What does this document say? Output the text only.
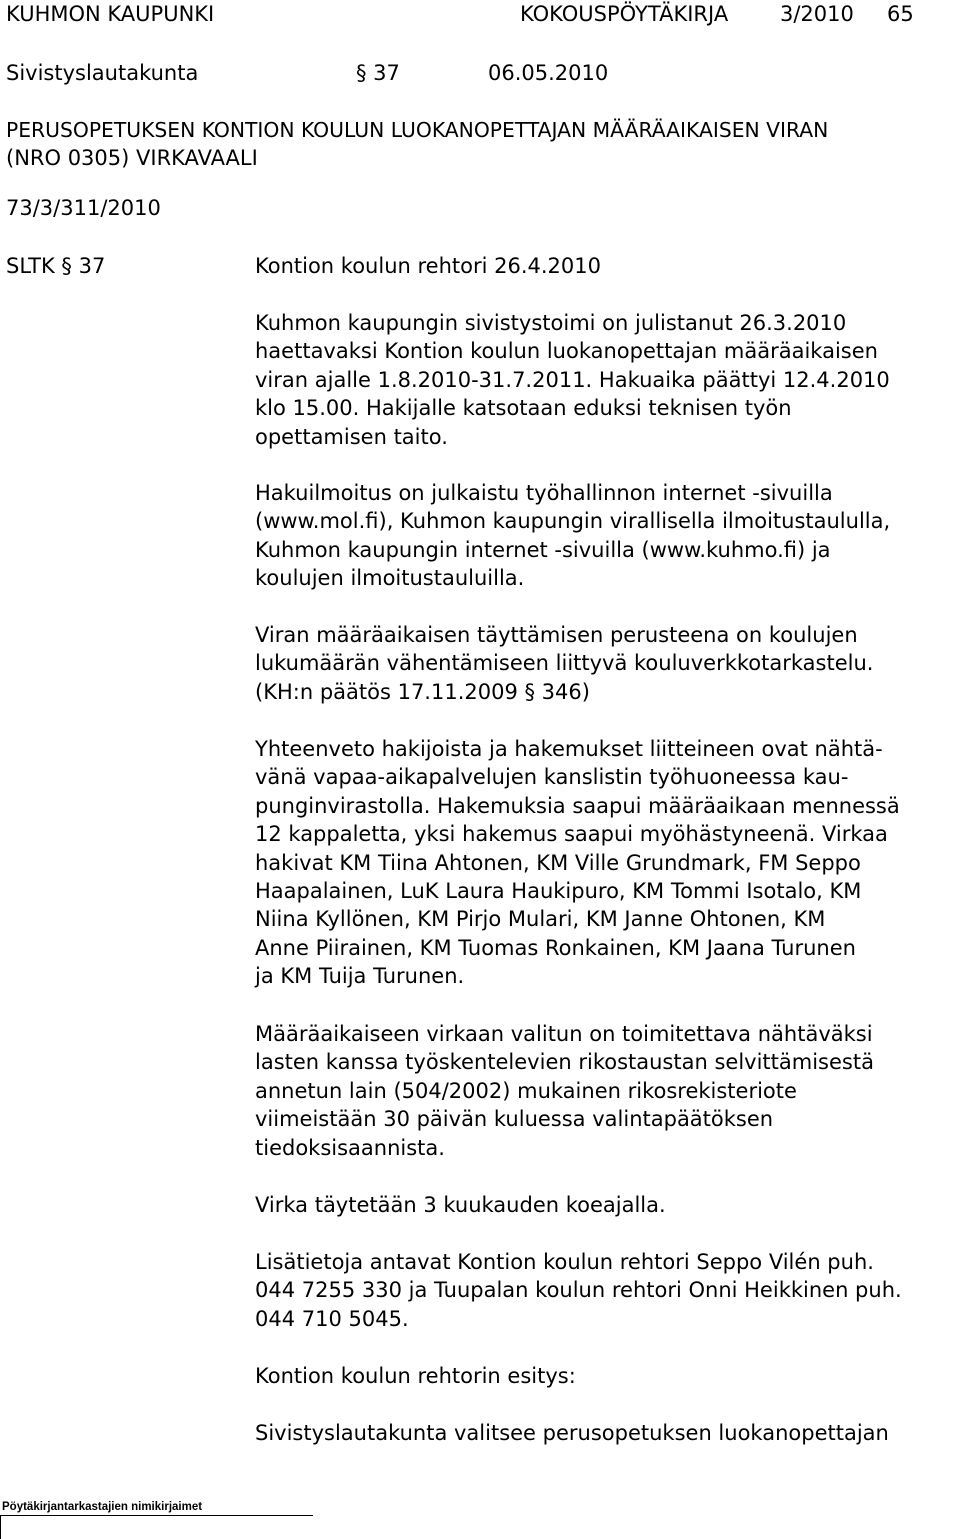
KUHMON KAUPUNKI	KOKOUSPÖYTÄKIRJA 3/2010 65
Sivistyslautakunta	§ 37	06.05.2010
PERUSOPETUKSEN KONTION KOULUN LUOKANOPETTAJAN MÄÄRÄAIKAISEN VIRAN
(NRO 0305) VIRKAVAALI
73/3/311/2010
SLTK § 37	Kontion koulun rehtori 26.4.2010
Kuhmon kaupungin sivistystoimi on julistanut 26.3.2010
haettavaksi Kontion koulun luokanopettajan määräaikaisen
viran ajalle 1.8.2010-31.7.2011. Hakuaika päättyi 12.4.2010
klo 15.00. Hakijalle katsotaan eduksi teknisen työn
opettamisen taito.
Hakuilmoitus on julkaistu työhallinnon internet -sivuilla
(www.mol.fi), Kuhmon kaupungin virallisella ilmoitustaululla,
Kuhmon kaupungin internet -sivuilla (www.kuhmo.fi) ja
koulujen ilmoitustauluilla.
Viran määräaikaisen täyttämisen perusteena on koulujen
lukumäärän vähentämiseen liittyvä kouluverkkotarkastelu.
(KH:n päätös 17.11.2009 § 346)
Yhteenveto hakijoista ja hakemukset liitteineen ovat nähtä-
vänä vapaa-aikapalvelujen kanslistin työhuoneessa kau-
punginvirastolla. Hakemuksia saapui määräaikaan mennessä
12 kappaletta, yksi hakemus saapui myöhästyneenä. Virkaa
hakivat KM Tiina Ahtonen, KM Ville Grundmark, FM Seppo
Haapalainen, LuK Laura Haukipuro, KM Tommi Isotalo, KM
Niina Kyllönen, KM Pirjo Mulari, KM Janne Ohtonen, KM
Anne Piirainen, KM Tuomas Ronkainen, KM Jaana Turunen
ja KM Tuija Turunen.
Määräaikaiseen virkaan valitun on toimitettava nähtäväksi
lasten kanssa työskentelevien rikostaustan selvittämisestä
annetun lain (504/2002) mukainen rikosrekisteriote
viimeistään 30 päivän kuluessa valintapäätöksen
tiedoksisaannista.
Virka täytetään 3 kuukauden koeajalla.
Lisätietoja antavat Kontion koulun rehtori Seppo Vilén puh.
044 7255 330 ja Tuupalan koulun rehtori Onni Heikkinen puh.
044 710 5045.
Kontion koulun rehtorin esitys:
Sivistyslautakunta valitsee perusopetuksen luokanopettajan
Pöytäkirjantarkastajien nimikirjaimet
